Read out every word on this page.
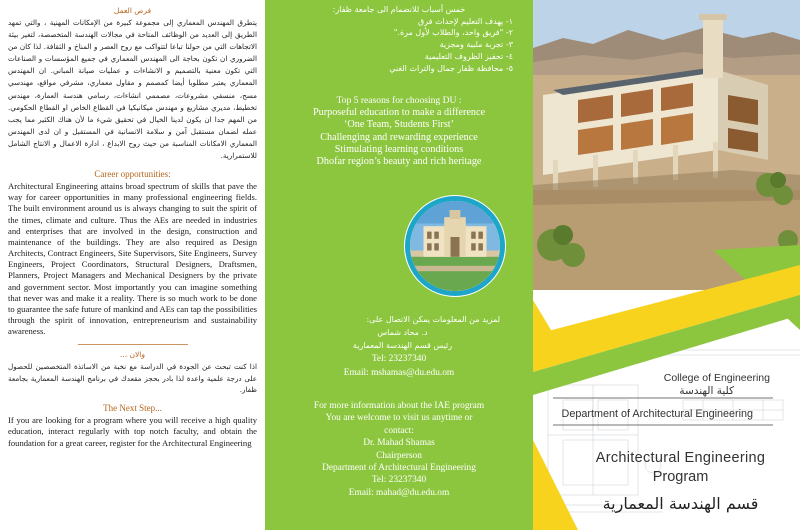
فرص العمل

يتطرق المهندس المعماري إلى مجموعة كبيرة من الإمكانات المهنية ، والتي تمهد الطريق إلى العديد من الوظائف المتاحة في مجالات الهندسة المتخصصة، لتغير بيئة الاتجاهات التي من حولنا تباعا لتتواكب مع روح العصر و المناخ و الثقافة. لذا كان من الضروري ان تكون بحاجة الى المهندس المعماري في جميع المؤسسات و الصناعات التي تكون معنية بالتصميم و الانشاءات و عمليات صيانة المباني. ان المهندس المعماري يعتبر مطلوبا أيضا كمصمم و مقاول معماري، مشرفي مواقع، مهندسي مسح، منسقي مشروعات، مصممي انشاءات، رسامي هندسة العمارة، مهندس تخطيط، مديري مشاريع و مهندس ميكانيكيا في القطاع الخاص او القطاع الحكومي. من المهم جدا ان يكون لدينا الخيال في تحقيق شيء ما لأن هناك الكثير مما يجب عمله لضمان مستقبل آمن و سلامة الانسانية في المستقبل و ان لدى المهندس المعماري الامكانات المناسبة من حيث روح الابداع ، ادارة الاعمال و الانتاج الشامل للاستمرارية.

Career opportunities:

Architectural Engineering attains broad spectrum of skills that pave the way for career opportunities in many professional engineering fields. The built environment around us is always changing to suit the spirit of the times, climate and culture. Thus the AEs are needed in industries and enterprises that are involved in the design, construction and maintenance of the buildings. They are also required as Design Architects, Contract Engineers, Site Supervisors, Site Engineers, Survey Engineers, Project Coordinators, Structural Designers, Draftsmen, Planners, Project Managers and Mechanical Designers by the private and government sector. Most importantly you can imagine something that never was and make it a reality. There is so much work to be done to guarantee the safe future of mankind and AEs can tap the possibilities through the spirit of innovation, entrepreneurism and sustainability awareness.

والان ...

اذا كنت تبحث عن الجودة في الدراسة مع نخبة من الاساتذة المتخصصين للحصول على درجة علمية واعدة لذا بادر بحجز مقعدك في برنامج الهندسة المعمارية بجامعة ظفار.

The Next Step...

If you are looking for a program where you will receive a high quality education, interact regularly with top notch faculty, and obtain the foundation for a great career, register for the Architectural Engineering

خمس أسباب للانضمام الى جامعة ظفار:
١- يهدف التعليم لإحداث فرق
٢- "فريق واحد، والطلاب لأول مرة."
٣- تجربة ملبية ومجزية
٤- تحفيز الظروف التعليمية
٥- محافظة ظفار جمال والتراث الغني
Top 5 reasons for choosing DU :
Purposeful education to make a difference
‘One Team, Students First’
Challenging and rewarding experience
Stimulating learning conditions
Dhofar region’s beauty and rich heritage
لمزيد من المعلومات يمكن الاتصال على:
د. محاد شماس
رئيس قسم الهندسة المعمارية
Tel: 23237340
Email: mshamas@du.edu.om
For more information about the IAE program
You are welcome to visit us anytime or
contact:
Dr. Mahad Shamas
Chairperson
Department of Architectural Engineering
Tel: 23237340
Email: mahad@du.edu.om
College of Engineering
كلية الهندسة
Department of Architectural Engineering
Architectural Engineering
Program
قسم الهندسة المعمارية
